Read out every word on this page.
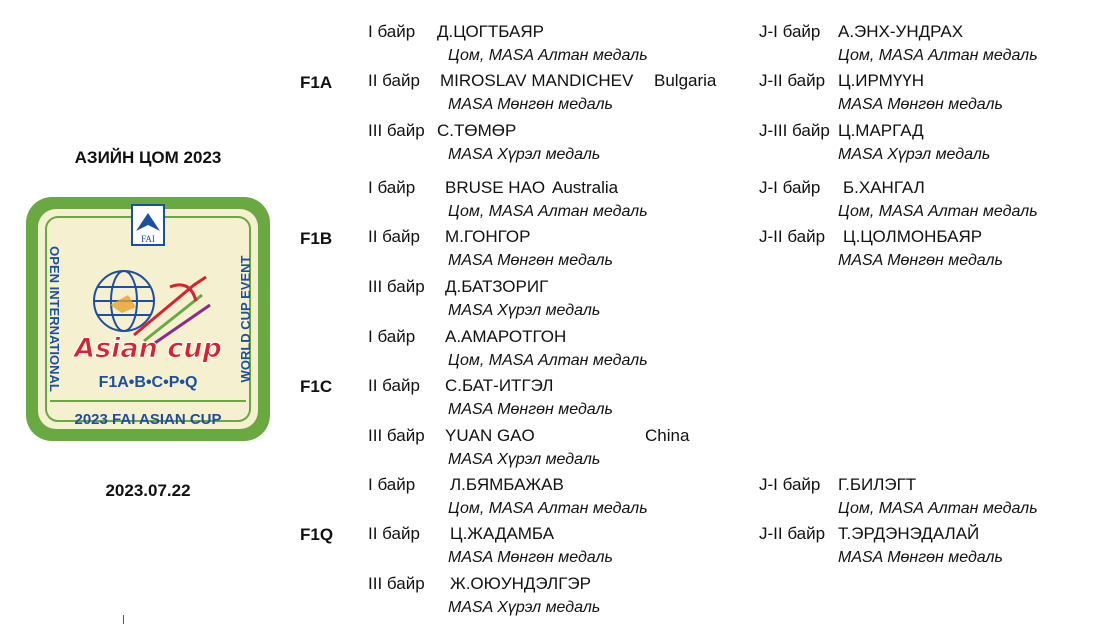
АЗИЙН ЦОМ 2023
FAI
OPEN INTERNATIONAL	WORLD CUP EVENT
Asian cup
F1A•B•C•P•Q
2023 FAI ASIAN CUP
2023.07.22
F1A
I байр Д.ЦОГТБАЯР
Цом, MASA Алтан медаль
II байр MIROSLAV MANDICHEV Bulgaria
MASA Мөнгөн медаль
III байр С.ТӨМӨР
MASA Хүрэл медаль
J-I байр А.ЭНХ-УНДРАХ
Цом, MASA Алтан медаль
J-II байр Ц.ИРМҮҮН
MASA Мөнгөн медаль
J-III байр Ц.МАРГАД
MASA Хүрэл медаль
F1B
I байр BRUSE HAO Australia
Цом, MASA Алтан медаль
II байр М.ГОНГОР
MASA Мөнгөн медаль
III байр Д.БАТЗОРИГ
MASA Хүрэл медаль
J-I байр Б.ХАНГАЛ
Цом, MASA Алтан медаль
J-II байр Ц.ЦОЛМОНБАЯР
MASA Мөнгөн медаль
F1C
I байр А.АМАРОТГОН
Цом, MASA Алтан медаль
II байр С.БАТ-ИТГЭЛ
MASA Мөнгөн медаль
III байр YUAN GAO	China
MASA Хүрэл медаль
F1Q
I байр Л.БЯМБАЖАВ
Цом, MASA Алтан медаль
II байр Ц.ЖАДАМБА
MASA Мөнгөн медаль
III байр Ж.ОЮУНДЭЛГЭР
MASA Хүрэл медаль
J-I байр Г.БИЛЭГТ
Цом, MASA Алтан медаль
J-II байр Т.ЭРДЭНЭДАЛАЙ
MASA Мөнгөн медаль
